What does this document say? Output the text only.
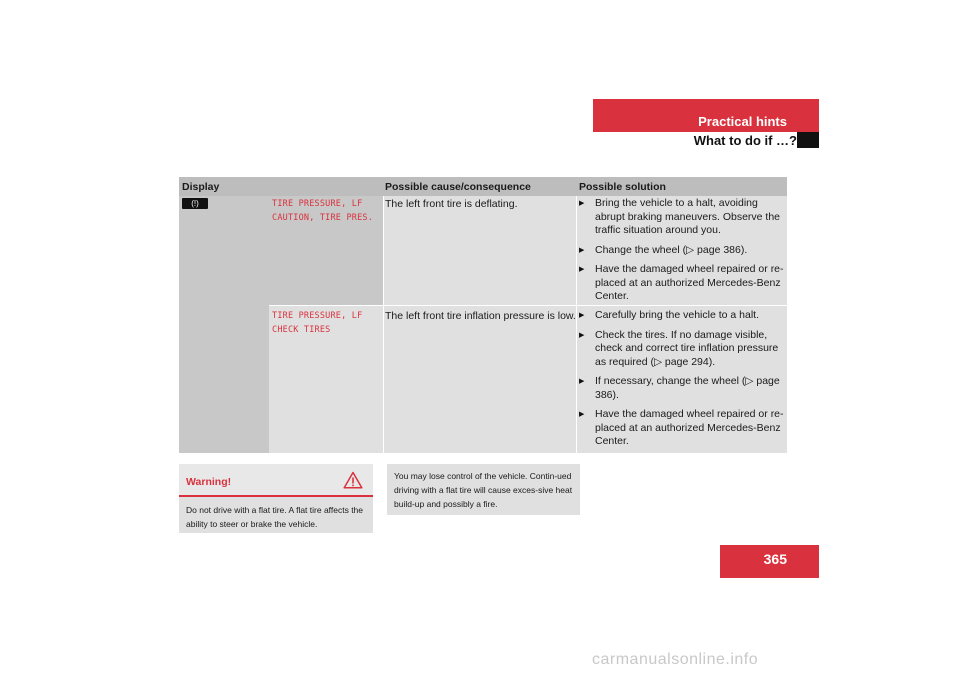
Practical hints
What to do if …?
Display	Possible cause/consequence	Possible solution
(!)	TIRE PRESSURE, LF
CAUTION, TIRE PRES.
The left front tire is deflating.	▶ Bring the vehicle to a halt, avoiding abrupt braking maneuvers. Observe the traffic situation around you.
▶ Change the wheel (▷ page 386).
▶ Have the damaged wheel repaired or re-placed at an authorized Mercedes-Benz Center.
TIRE PRESSURE, LF
CHECK TIRES
The left front tire inflation pressure is low.	▶ Carefully bring the vehicle to a halt.
▶ Check the tires. If no damage visible, check and correct tire inflation pressure as required (▷ page 294).
▶ If necessary, change the wheel (▷ page 386).
▶ Have the damaged wheel repaired or re-placed at an authorized Mercedes-Benz Center.
Warning!
Do not drive with a flat tire. A flat tire affects the ability to steer or brake the vehicle.
You may lose control of the vehicle. Contin-ued driving with a flat tire will cause exces-sive heat build-up and possibly a fire.
365
carmanualsonline.info
